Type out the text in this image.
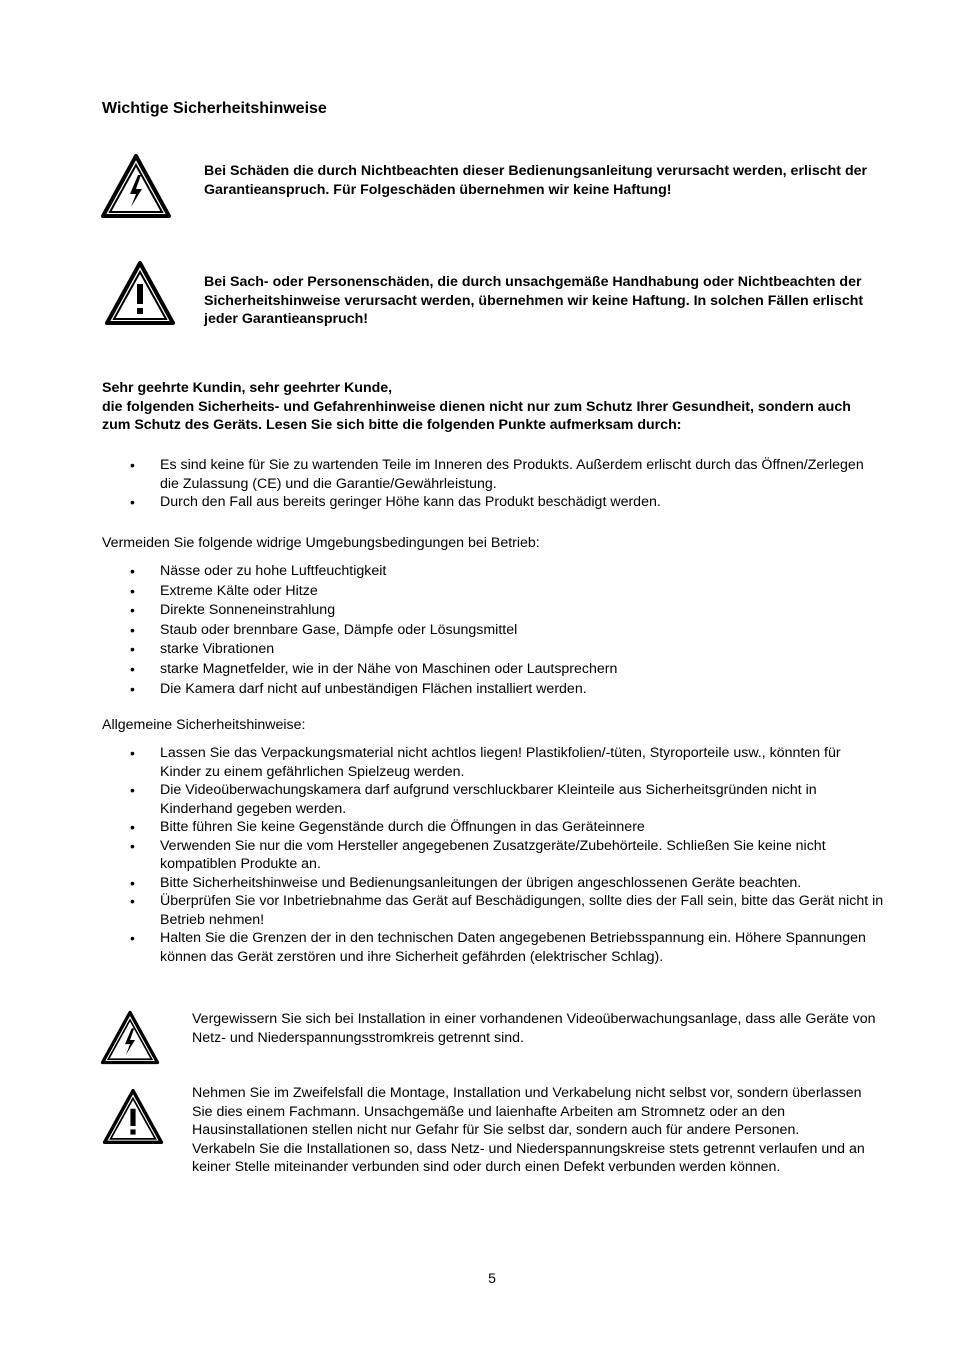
Wichtige Sicherheitshinweise
Bei Schäden die durch Nichtbeachten dieser Bedienungsanleitung verursacht werden, erlischt der Garantieanspruch. Für Folgeschäden übernehmen wir keine Haftung!
Bei Sach- oder Personenschäden, die durch unsachgemäße Handhabung oder Nichtbeachten der Sicherheitshinweise verursacht werden, übernehmen wir keine Haftung. In solchen Fällen erlischt jeder Garantieanspruch!
Sehr geehrte Kundin, sehr geehrter Kunde,
die folgenden Sicherheits- und Gefahrenhinweise dienen nicht nur zum Schutz Ihrer Gesundheit, sondern auch zum Schutz des Geräts. Lesen Sie sich bitte die folgenden Punkte aufmerksam durch:
• Es sind keine für Sie zu wartenden Teile im Inneren des Produkts. Außerdem erlischt durch das Öffnen/Zerlegen die Zulassung (CE) und die Garantie/Gewährleistung.
• Durch den Fall aus bereits geringer Höhe kann das Produkt beschädigt werden.
Vermeiden Sie folgende widrige Umgebungsbedingungen bei Betrieb:
• Nässe oder zu hohe Luftfeuchtigkeit
• Extreme Kälte oder Hitze
• Direkte Sonneneinstrahlung
• Staub oder brennbare Gase, Dämpfe oder Lösungsmittel
• starke Vibrationen
• starke Magnetfelder, wie in der Nähe von Maschinen oder Lautsprechern
• Die Kamera darf nicht auf unbeständigen Flächen installiert werden.
Allgemeine Sicherheitshinweise:
• Lassen Sie das Verpackungsmaterial nicht achtlos liegen! Plastikfolien/-tüten, Styroporteile usw., könnten für Kinder zu einem gefährlichen Spielzeug werden.
• Die Videoüberwachungskamera darf aufgrund verschluckbarer Kleinteile aus Sicherheitsgründen nicht in Kinderhand gegeben werden.
• Bitte führen Sie keine Gegenstände durch die Öffnungen in das Geräteinnere
• Verwenden Sie nur die vom Hersteller angegebenen Zusatzgeräte/Zubehörteile. Schließen Sie keine nicht kompatiblen Produkte an.
• Bitte Sicherheitshinweise und Bedienungsanleitungen der übrigen angeschlossenen Geräte beachten.
• Überprüfen Sie vor Inbetriebnahme das Gerät auf Beschädigungen, sollte dies der Fall sein, bitte das Gerät nicht in Betrieb nehmen!
• Halten Sie die Grenzen der in den technischen Daten angegebenen Betriebsspannung ein. Höhere Spannungen können das Gerät zerstören und ihre Sicherheit gefährden (elektrischer Schlag).
Vergewissern Sie sich bei Installation in einer vorhandenen Videoüberwachungsanlage, dass alle Geräte von Netz- und Niederspannungsstromkreis getrennt sind.
Nehmen Sie im Zweifelsfall die Montage, Installation und Verkabelung nicht selbst vor, sondern überlassen Sie dies einem Fachmann. Unsachgemäße und laienhafte Arbeiten am Stromnetz oder an den Hausinstallationen stellen nicht nur Gefahr für Sie selbst dar, sondern auch für andere Personen.
Verkabeln Sie die Installationen so, dass Netz- und Niederspannungskreise stets getrennt verlaufen und an keiner Stelle miteinander verbunden sind oder durch einen Defekt verbunden werden können.
5
